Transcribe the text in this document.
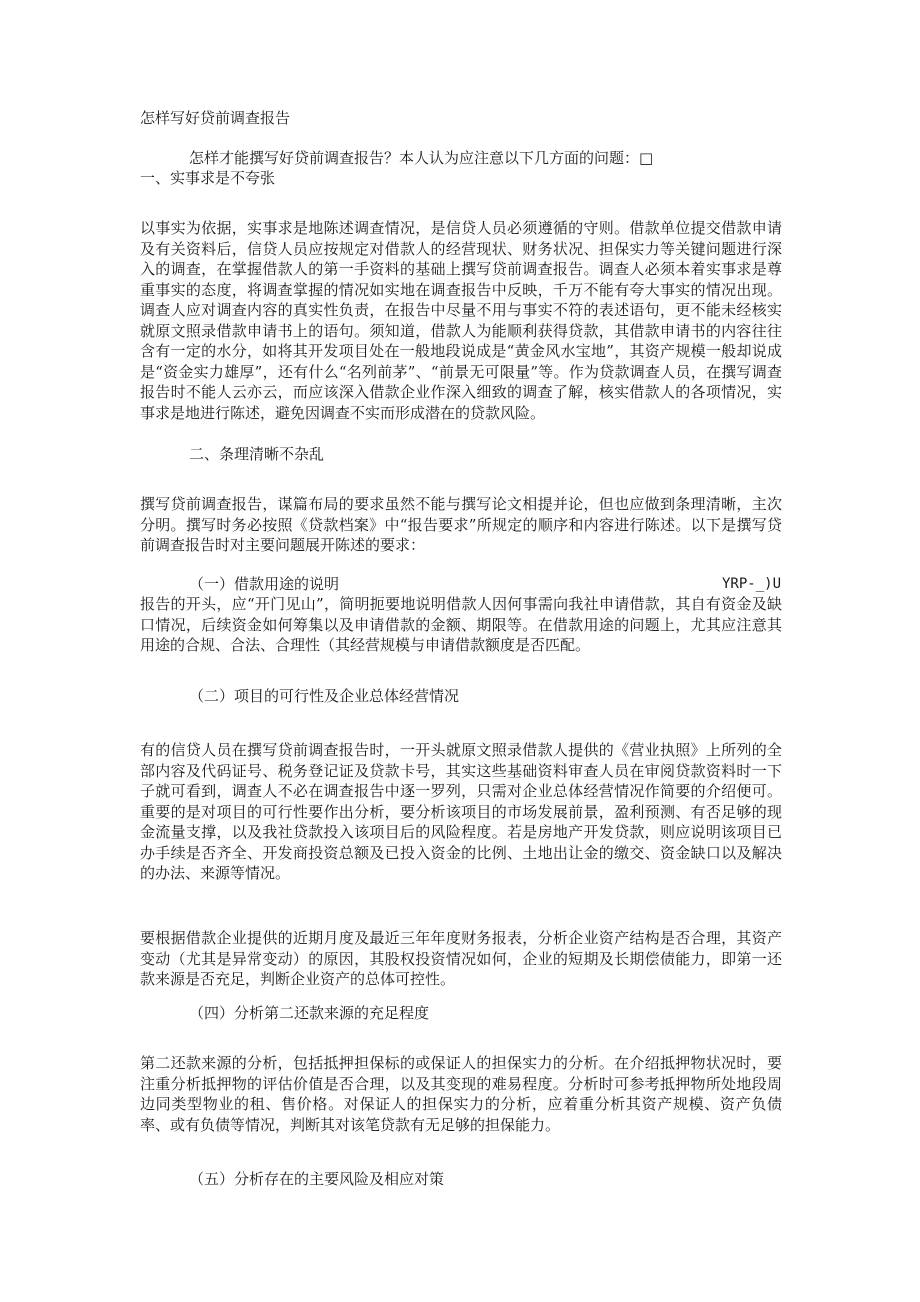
怎样写好贷前调查报告

怎样才能撰写好贷前调查报告？本人认为应注意以下几方面的问题：□

一、实事求是不夸张

以事实为依据，实事求是地陈述调查情况，是信贷人员必须遵循的守则。借款单位提交借款申请及有关资料后，信贷人员应按规定对借款人的经营现状、财务状况、担保实力等关键问题进行深入的调查，在掌握借款人的第一手资料的基础上撰写贷前调查报告。调查人必须本着实事求是尊重事实的态度，将调查掌握的情况如实地在调查报告中反映，千万不能有夸大事实的情况出现。调查人应对调查内容的真实性负责，在报告中尽量不用与事实不符的表述语句，更不能未经核实就原文照录借款申请书上的语句。须知道，借款人为能顺利获得贷款，其借款申请书的内容往往含有一定的水分，如将其开发项目处在一般地段说成是“黄金风水宝地”，其资产规模一般却说成是“资金实力雄厚”，还有什么“名列前茅”、“前景无可限量”等。作为贷款调查人员，在撰写调查报告时不能人云亦云，而应该深入借款企业作深入细致的调查了解，核实借款人的各项情况，实事求是地进行陈述，避免因调查不实而形成潜在的贷款风险。

二、条理清晰不杂乱

撰写贷前调查报告，谋篇布局的要求虽然不能与撰写论文相提并论，但也应做到条理清晰，主次分明。撰写时务必按照《贷款档案》中“报告要求”所规定的顺序和内容进行陈述。以下是撰写贷前调查报告时对主要问题展开陈述的要求：

（一）借款用途的说明	YRP-_)U

报告的开头，应“开门见山”，简明扼要地说明借款人因何事需向我社申请借款，其自有资金及缺口情况，后续资金如何筹集以及申请借款的金额、期限等。在借款用途的问题上，尤其应注意其用途的合规、合法、合理性（其经营规模与申请借款额度是否匹配。

（二）项目的可行性及企业总体经营情况

有的信贷人员在撰写贷前调查报告时，一开头就原文照录借款人提供的《营业执照》上所列的全部内容及代码证号、税务登记证及贷款卡号，其实这些基础资料审查人员在审阅贷款资料时一下子就可看到，调查人不必在调查报告中逐一罗列，只需对企业总体经营情况作简要的介绍便可。重要的是对项目的可行性要作出分析，要分析该项目的市场发展前景，盈利预测、有否足够的现金流量支撑，以及我社贷款投入该项目后的风险程度。若是房地产开发贷款，则应说明该项目已办手续是否齐全、开发商投资总额及已投入资金的比例、土地出让金的缴交、资金缺口以及解决的办法、来源等情况。

要根据借款企业提供的近期月度及最近三年年度财务报表，分析企业资产结构是否合理，其资产变动（尤其是异常变动）的原因，其股权投资情况如何，企业的短期及长期偿债能力，即第一还款来源是否充足，判断企业资产的总体可控性。

（四）分析第二还款来源的充足程度

第二还款来源的分析，包括抵押担保标的或保证人的担保实力的分析。在介绍抵押物状况时，要注重分析抵押物的评估价值是否合理，以及其变现的难易程度。分析时可参考抵押物所处地段周边同类型物业的租、售价格。对保证人的担保实力的分析，应着重分析其资产规模、资产负债率、或有负债等情况，判断其对该笔贷款有无足够的担保能力。

（五）分析存在的主要风险及相应对策
